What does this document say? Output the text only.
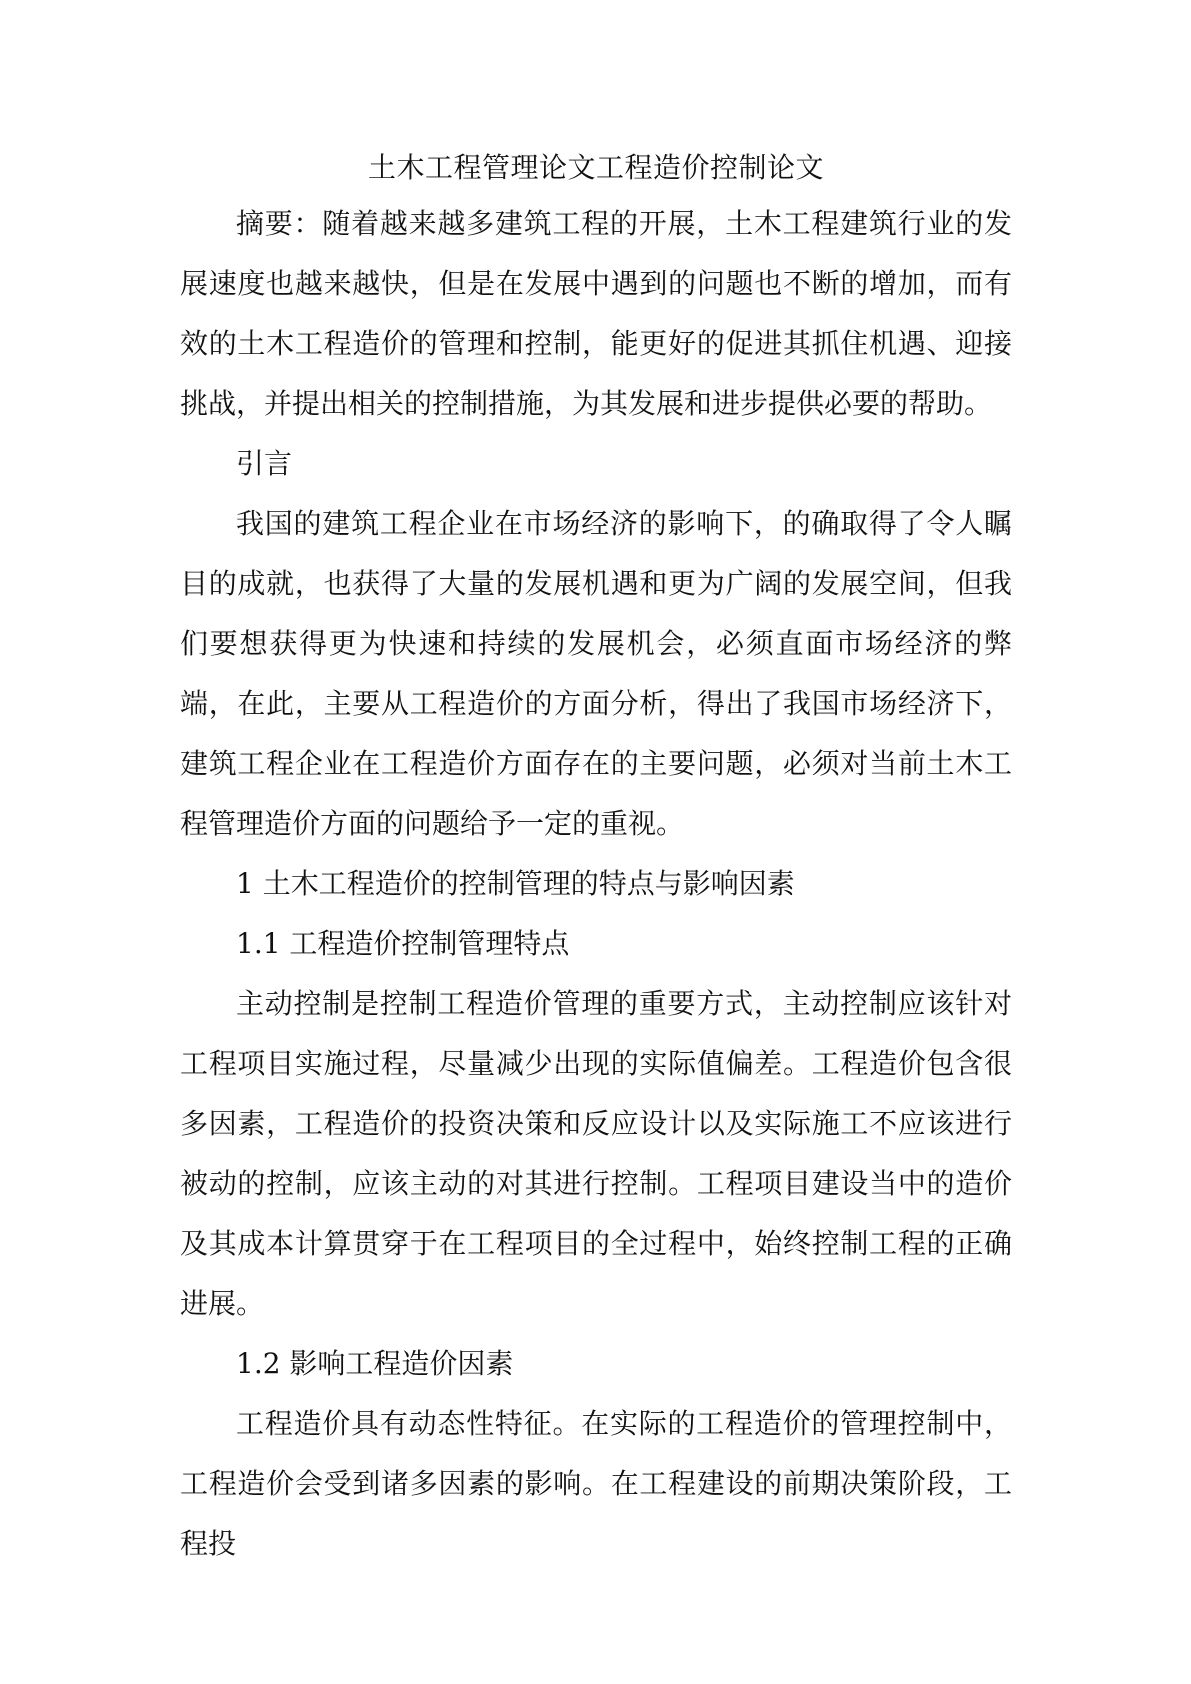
土木工程管理论文工程造价控制论文

摘要：随着越来越多建筑工程的开展，土木工程建筑行业的发展速度也越来越快，但是在发展中遇到的问题也不断的增加，而有效的土木工程造价的管理和控制，能更好的促进其抓住机遇、迎接挑战，并提出相关的控制措施，为其发展和进步提供必要的帮助。

引言

我国的建筑工程企业在市场经济的影响下，的确取得了令人瞩目的成就，也获得了大量的发展机遇和更为广阔的发展空间，但我们要想获得更为快速和持续的发展机会，必须直面市场经济的弊端，在此，主要从工程造价的方面分析，得出了我国市场经济下，建筑工程企业在工程造价方面存在的主要问题，必须对当前土木工程管理造价方面的问题给予一定的重视。

1 土木工程造价的控制管理的特点与影响因素

1.1 工程造价控制管理特点

主动控制是控制工程造价管理的重要方式，主动控制应该针对工程项目实施过程，尽量减少出现的实际值偏差。工程造价包含很多因素，工程造价的投资决策和反应设计以及实际施工不应该进行被动的控制，应该主动的对其进行控制。工程项目建设当中的造价及其成本计算贯穿于在工程项目的全过程中，始终控制工程的正确进展。

1.2 影响工程造价因素

工程造价具有动态性特征。在实际的工程造价的管理控制中，工程造价会受到诸多因素的影响。在工程建设的前期决策阶段，工程投
